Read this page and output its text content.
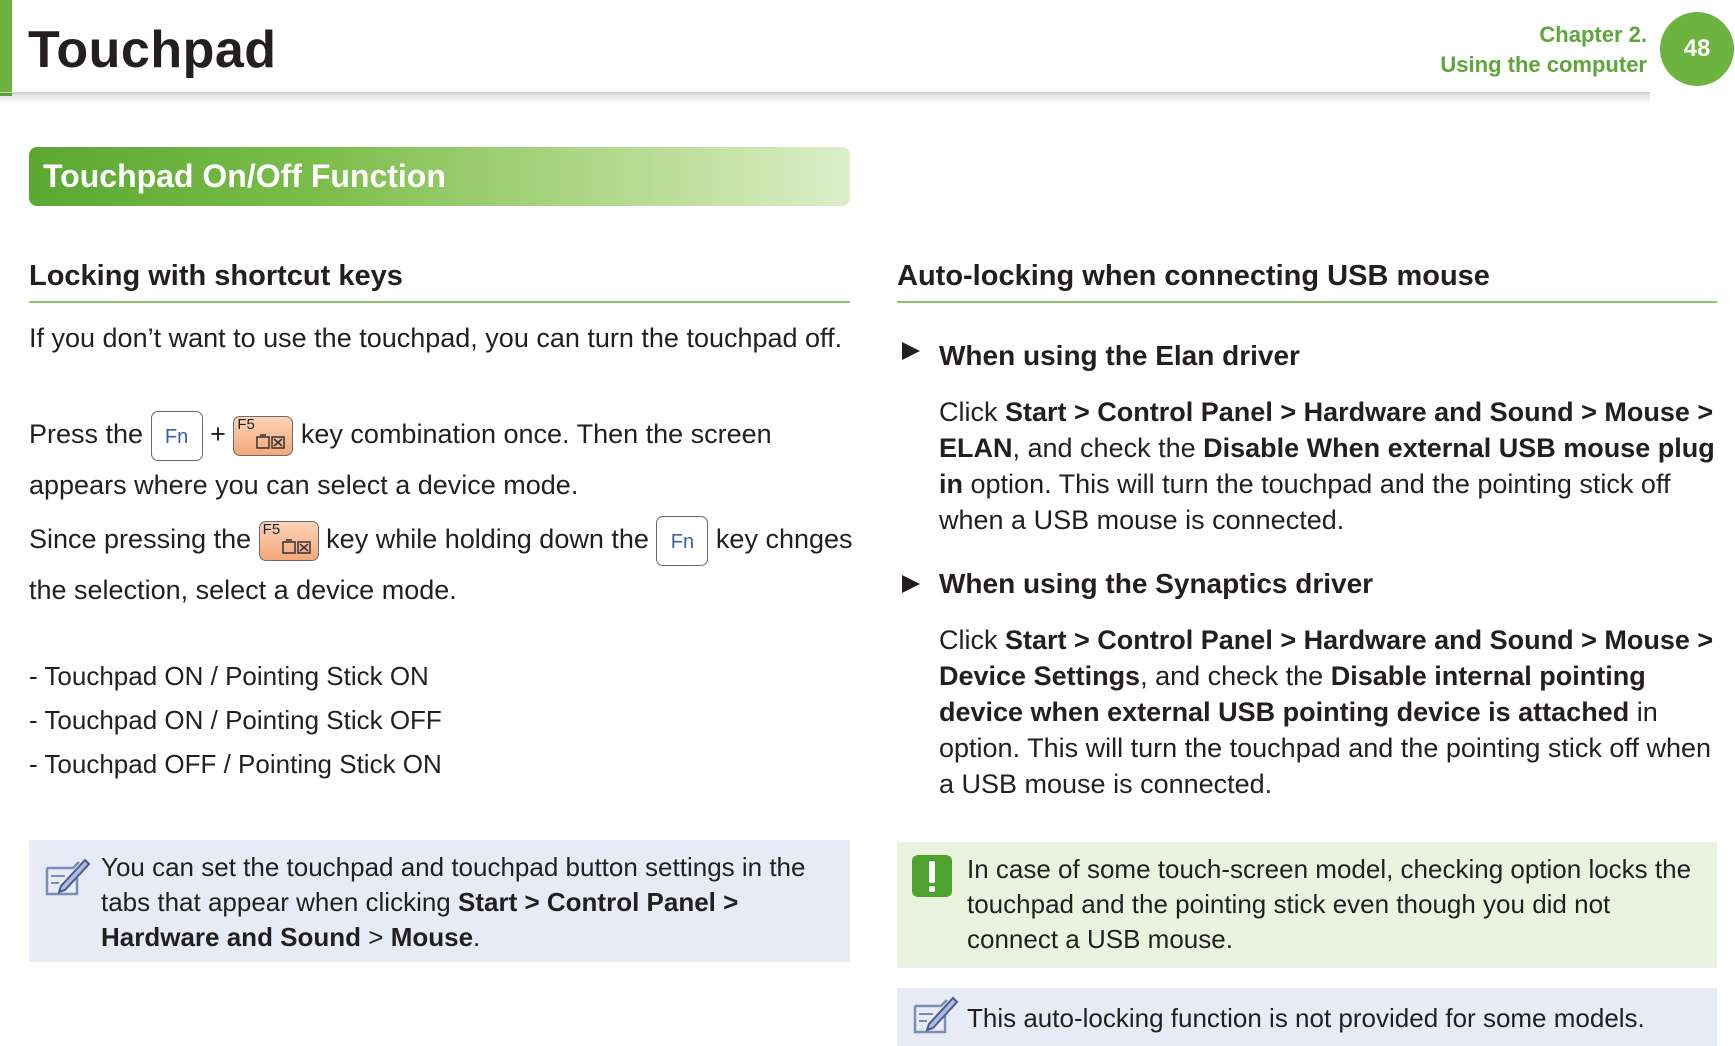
Touchpad	Chapter 2.
Using the computer
48
Touchpad On/Off Function
Locking with shortcut keys
If you don’t want to use the touchpad, you can turn the touchpad off.
Press the Fn + F5 key combination once. Then the screen appears where you can select a device mode.
Since pressing the F5 key while holding down the Fn key chnges the selection, select a device mode.
- Touchpad ON / Pointing Stick ON
- Touchpad ON / Pointing Stick OFF
- Touchpad OFF / Pointing Stick ON
You can set the touchpad and touchpad button settings in the tabs that appear when clicking Start > Control Panel > Hardware and Sound > Mouse.
Auto-locking when connecting USB mouse
When using the Elan driver
Click Start > Control Panel > Hardware and Sound > Mouse > ELAN, and check the Disable When external USB mouse plug in option. This will turn the touchpad and the pointing stick off when a USB mouse is connected.
When using the Synaptics driver
Click Start > Control Panel > Hardware and Sound > Mouse > Device Settings, and check the Disable internal pointing device when external USB pointing device is attached in option. This will turn the touchpad and the pointing stick off when a USB mouse is connected.
In case of some touch-screen model, checking option locks the touchpad and the pointing stick even though you did not connect a USB mouse.
This auto-locking function is not provided for some models.
